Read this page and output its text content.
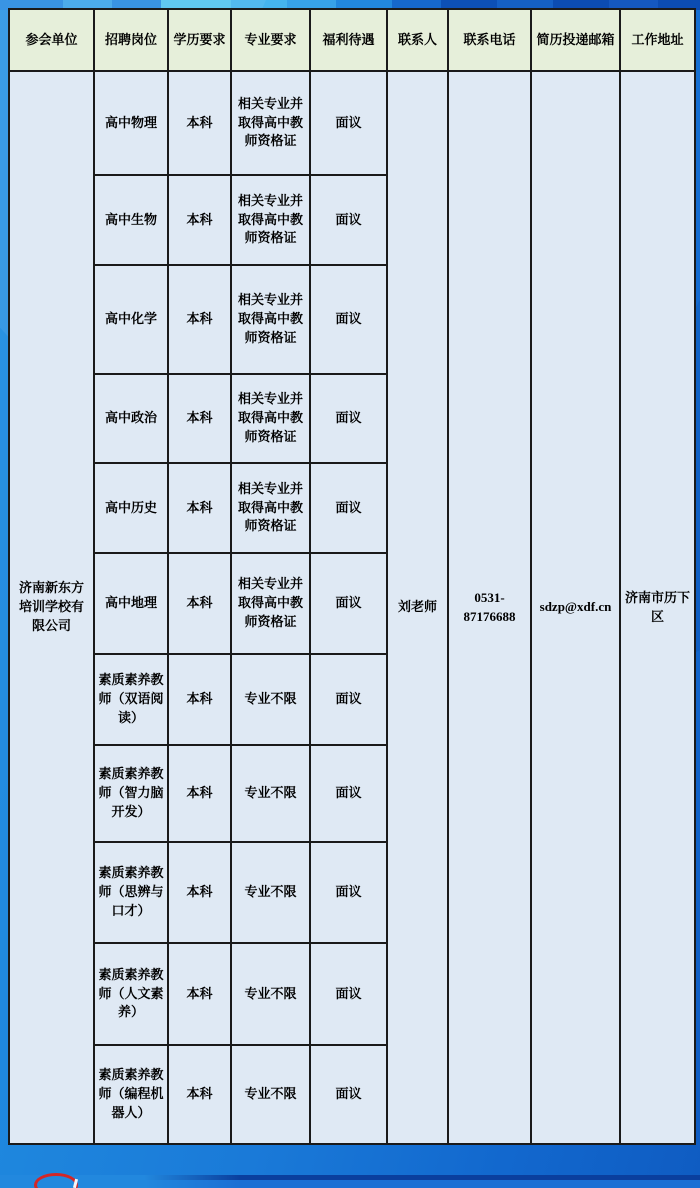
参会单位	招聘岗位	学历要求	专业要求	福利待遇	联系人	联系电话	简历投递邮箱	工作地址
济南新东方培训学校有限公司	高中物理	本科	相关专业并取得高中教师资格证	面议	刘老师	0531-87176688	sdzp@xdf.cn	济南市历下区
	高中生物	本科	相关专业并取得高中教师资格证	面议				
	高中化学	本科	相关专业并取得高中教师资格证	面议				
	高中政治	本科	相关专业并取得高中教师资格证	面议				
	高中历史	本科	相关专业并取得高中教师资格证	面议				
	高中地理	本科	相关专业并取得高中教师资格证	面议				
	素质素养教师（双语阅读）	本科	专业不限	面议				
	素质素养教师（智力脑开发）	本科	专业不限	面议				
	素质素养教师（思辨与口才）	本科	专业不限	面议				
	素质素养教师（人文素养）	本科	专业不限	面议				
	素质素养教师（编程机器人）	本科	专业不限	面议				
